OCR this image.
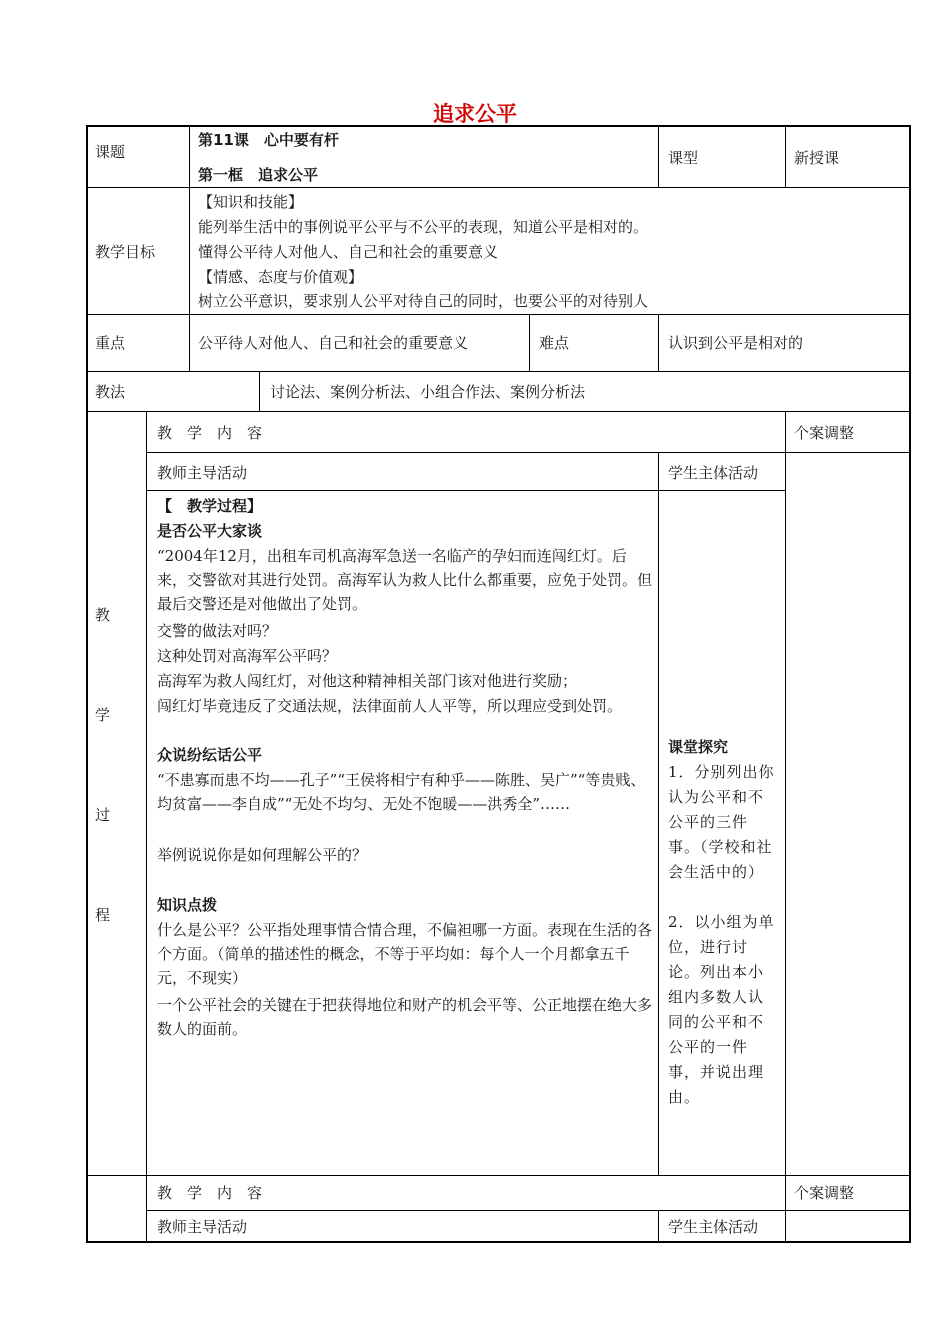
追求公平
课题
第11课　心中要有杆
第一框　追求公平
课型	新授课
教学目标
【知识和技能】
能列举生活中的事例说平公平与不公平的表现，知道公平是相对的。
懂得公平待人对他人、自己和社会的重要意义
【情感、态度与价值观】
树立公平意识，要求别人公平对待自己的同时，也要公平的对待别人
重点	公平待人对他人、自己和社会的重要意义	难点	认识到公平是相对的
教法	讨论法、案例分析法、小组合作法、案例分析法
教
学
过
程
教　学　内　容	个案调整
教师主导活动	学生主体活动
【　教学过程】
是否公平大家谈
“2004年12月，出租车司机高海军急送一名临产的孕妇而连闯红灯。后来，交警欲对其进行处罚。高海军认为救人比什么都重要，应免于处罚。但最后交警还是对他做出了处罚。
交警的做法对吗？
这种处罚对高海军公平吗？
高海军为救人闯红灯，对他这种精神相关部门该对他进行奖励；
闯红灯毕竟违反了交通法规，法律面前人人平等，所以理应受到处罚。
众说纷纭话公平
“不患寡而患不均——孔子”“王侯将相宁有种乎——陈胜、吴广”“等贵贱、均贫富——李自成”“无处不均匀、无处不饱暖——洪秀全”……
举例说说你是如何理解公平的？
知识点拨
什么是公平？公平指处理事情合情合理，不偏袒哪一方面。表现在生活的各个方面。（简单的描述性的概念，不等于平均如：每个人一个月都拿五千元，不现实）
一个公平社会的关键在于把获得地位和财产的机会平等、公正地摆在绝大多数人的面前。
课堂探究
1．分别列出你认为公平和不公平的三件事。（学校和社会生活中的）
2．以小组为单位，进行讨论。列出本小组内多数人认同的公平和不公平的一件事，并说出理由。
教　学　内　容	个案调整
教师主导活动	学生主体活动
